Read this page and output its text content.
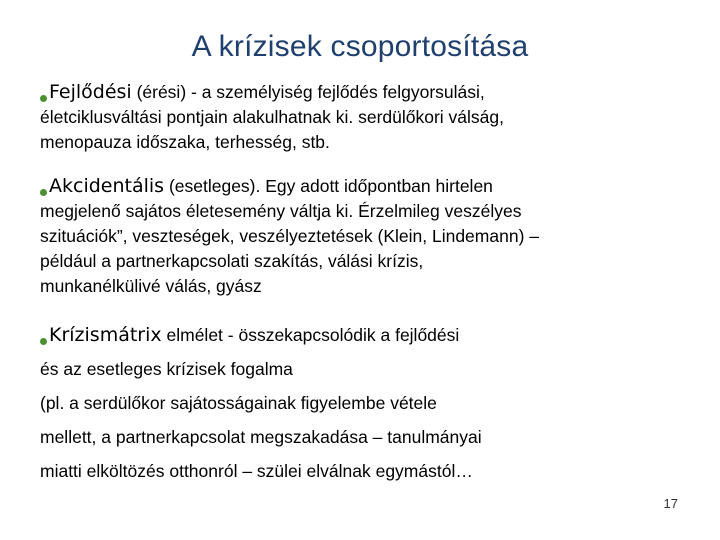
A krízisek csoportosítása
Fejlődési (érési) - a személyiség fejlődés felgyorsulási,
életciklusváltási pontjain alakulhatnak ki. serdülőkori válság,
menopauza időszaka, terhesség, stb.
Akcidentális (esetleges). Egy adott időpontban hirtelen
megjelenő sajátos életesemény váltja ki. Érzelmileg veszélyes
szituációk”, veszteségek, veszélyeztetések (Klein, Lindemann) –
például a partnerkapcsolati szakítás, válási krízis,
munkanélkülivé válás, gyász
Krízismátrix elmélet - összekapcsolódik a fejlődési
és az esetleges krízisek fogalma
(pl. a serdülőkor sajátosságainak figyelembe vétele
mellett, a partnerkapcsolat megszakadása – tanulmányai
miatti elköltözés otthonról – szülei elválnak egymástól…
17
